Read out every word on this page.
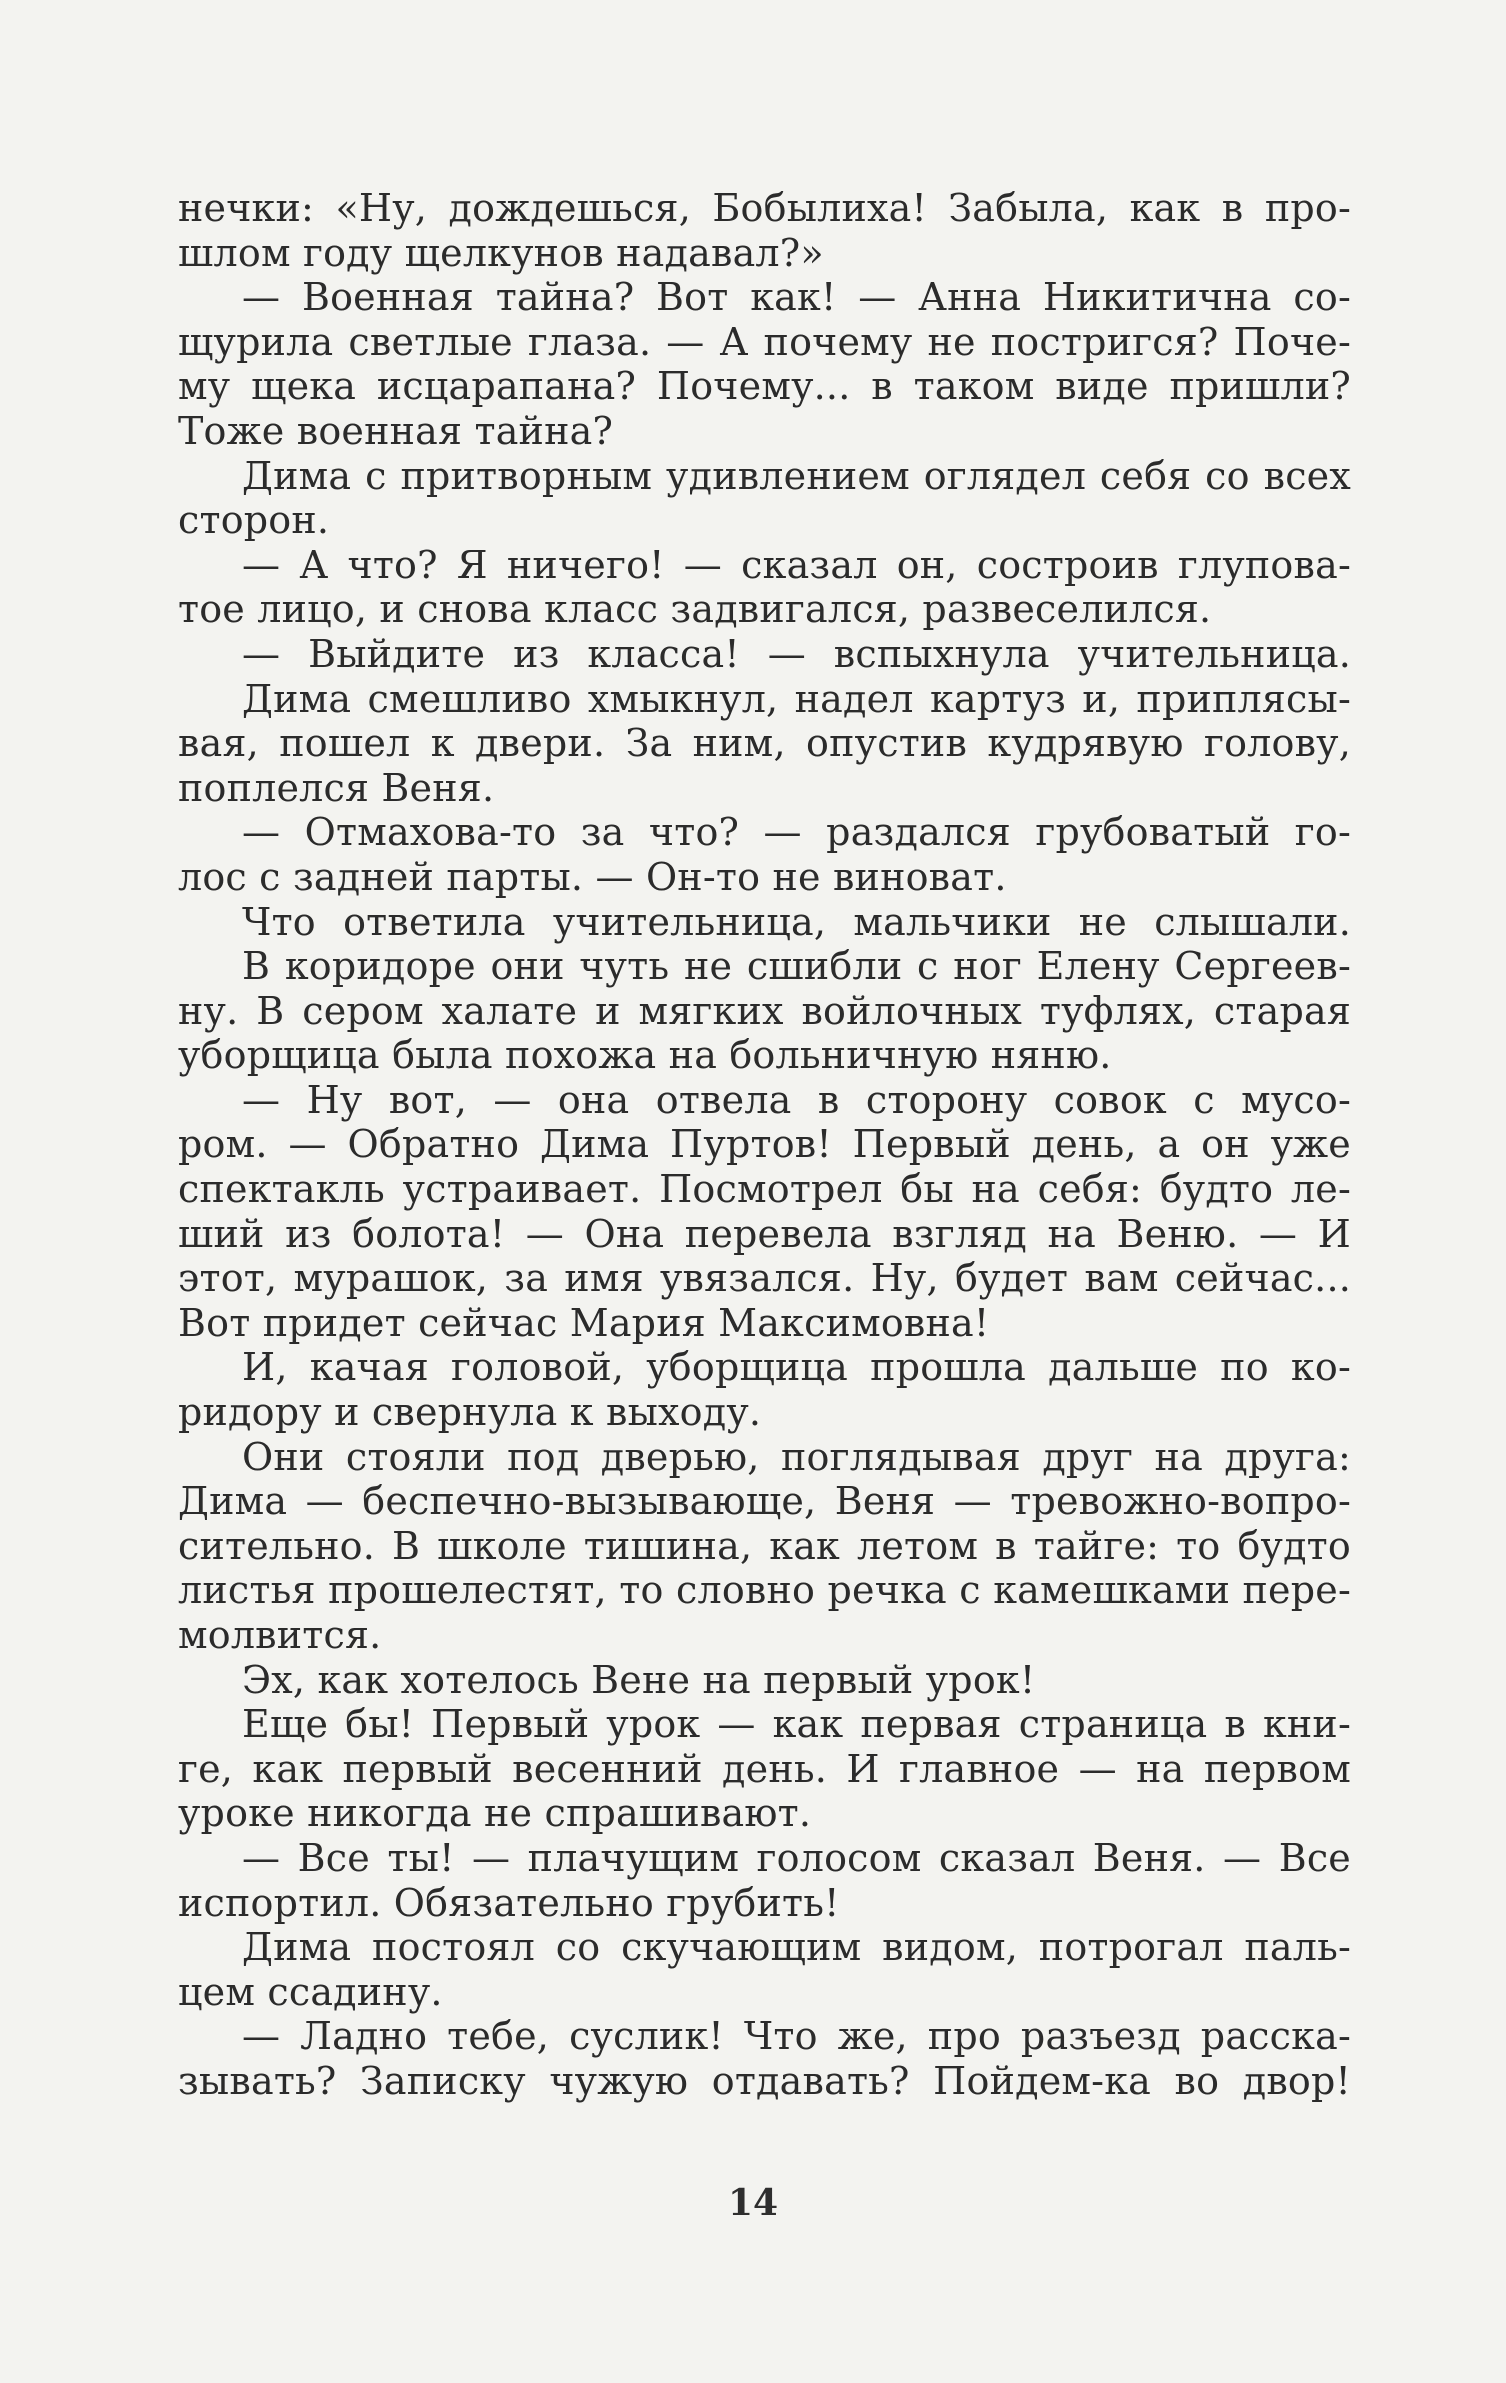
нечки: «Ну, дождешься, Бобылиха! Забыла, как в про-
шлом году щелкунов надавал?»
— Военная тайна? Вот как! — Анна Никитична со-
щурила светлые глаза. — А почему не постригся? Поче-
му щека исцарапана? Почему... в таком виде пришли?
Тоже военная тайна?
Дима с притворным удивлением оглядел себя со всех
сторон.
— А что? Я ничего! — сказал он, состроив глупова-
тое лицо, и снова класс задвигался, развеселился.
— Выйдите из класса! — вспыхнула учительница.
Дима смешливо хмыкнул, надел картуз и, приплясы-
вая, пошел к двери. За ним, опустив кудрявую голову,
поплелся Веня.
— Отмахова-то за что? — раздался грубоватый го-
лос с задней парты. — Он-то не виноват.
Что ответила учительница, мальчики не слышали.
В коридоре они чуть не сшибли с ног Елену Сергеев-
ну. В сером халате и мягких войлочных туфлях, старая
уборщица была похожа на больничную няню.
— Ну вот, — она отвела в сторону совок с мусо-
ром. — Обратно Дима Пуртов! Первый день, а он уже
спектакль устраивает. Посмотрел бы на себя: будто ле-
ший из болота! — Она перевела взгляд на Веню. — И
этот, мурашок, за имя увязался. Ну, будет вам сейчас...
Вот придет сейчас Мария Максимовна!
И, качая головой, уборщица прошла дальше по ко-
ридору и свернула к выходу.
Они стояли под дверью, поглядывая друг на друга:
Дима — беспечно-вызывающе, Веня — тревожно-вопро-
сительно. В школе тишина, как летом в тайге: то будто
листья прошелестят, то словно речка с камешками пере-
молвится.
Эх, как хотелось Вене на первый урок!
Еще бы! Первый урок — как первая страница в кни-
ге, как первый весенний день. И главное — на первом
уроке никогда не спрашивают.
— Все ты! — плачущим голосом сказал Веня. — Все
испортил. Обязательно грубить!
Дима постоял со скучающим видом, потрогал паль-
цем ссадину.
— Ладно тебе, суслик! Что же, про разъезд расска-
зывать? Записку чужую отдавать? Пойдем-ка во двор!
14
